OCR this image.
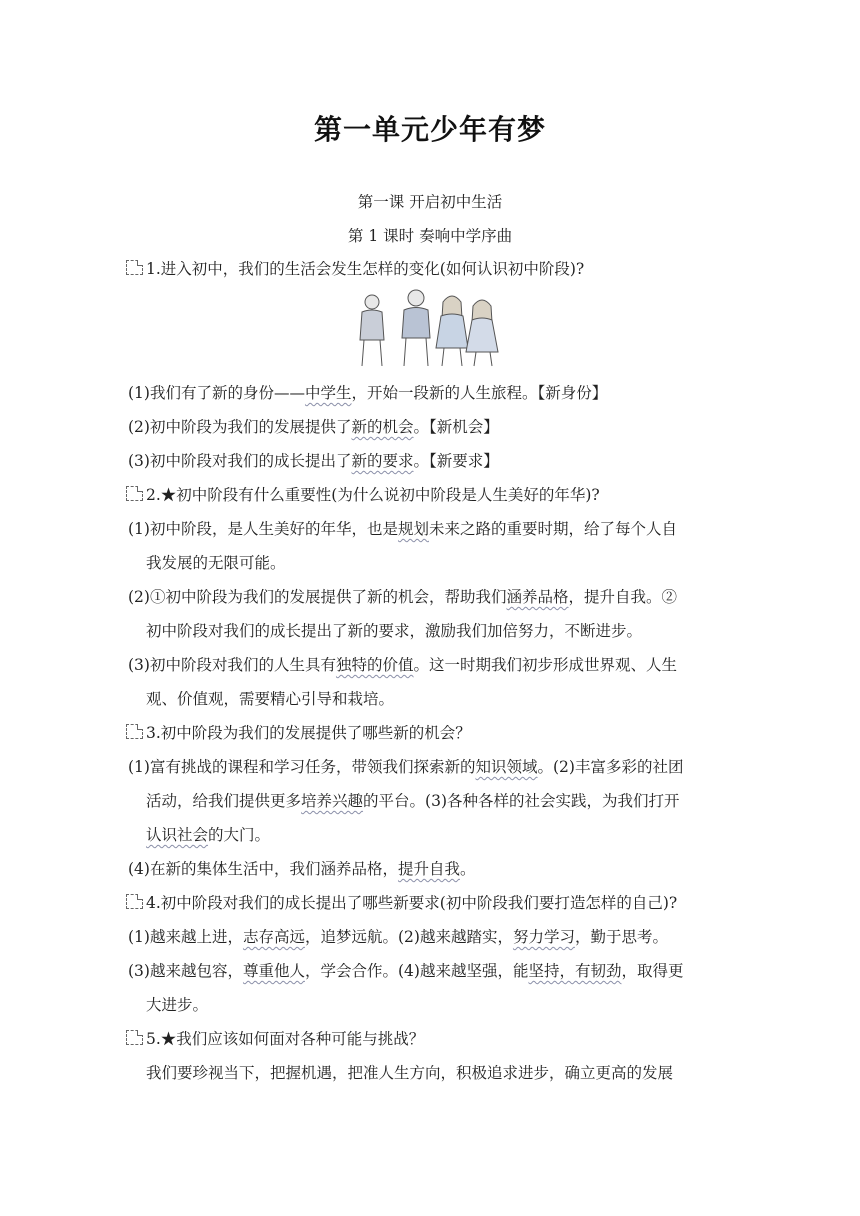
第一单元少年有梦
第一课 开启初中生活
第 1 课时 奏响中学序曲
1.进入初中，我们的生活会发生怎样的变化(如何认识初中阶段)?
(1)我们有了新的身份——中学生，开始一段新的人生旅程。【新身份】
(2)初中阶段为我们的发展提供了新的机会。【新机会】
(3)初中阶段对我们的成长提出了新的要求。【新要求】
2.★初中阶段有什么重要性(为什么说初中阶段是人生美好的年华)?
(1)初中阶段，是人生美好的年华，也是规划未来之路的重要时期，给了每个人自
我发展的无限可能。
(2)①初中阶段为我们的发展提供了新的机会，帮助我们涵养品格，提升自我。②
初中阶段对我们的成长提出了新的要求，激励我们加倍努力，不断进步。
(3)初中阶段对我们的人生具有独特的价值。这一时期我们初步形成世界观、人生
观、价值观，需要精心引导和栽培。
3.初中阶段为我们的发展提供了哪些新的机会？
(1)富有挑战的课程和学习任务，带领我们探索新的知识领域。(2)丰富多彩的社团
活动，给我们提供更多培养兴趣的平台。(3)各种各样的社会实践，为我们打开
认识社会的大门。
(4)在新的集体生活中，我们涵养品格，提升自我。
4.初中阶段对我们的成长提出了哪些新要求(初中阶段我们要打造怎样的自己)?
(1)越来越上进，志存高远，追梦远航。(2)越来越踏实，努力学习，勤于思考。
(3)越来越包容，尊重他人，学会合作。(4)越来越坚强，能坚持，有韧劲，取得更
大进步。
5.★我们应该如何面对各种可能与挑战？
我们要珍视当下，把握机遇，把准人生方向，积极追求进步，确立更高的发展
